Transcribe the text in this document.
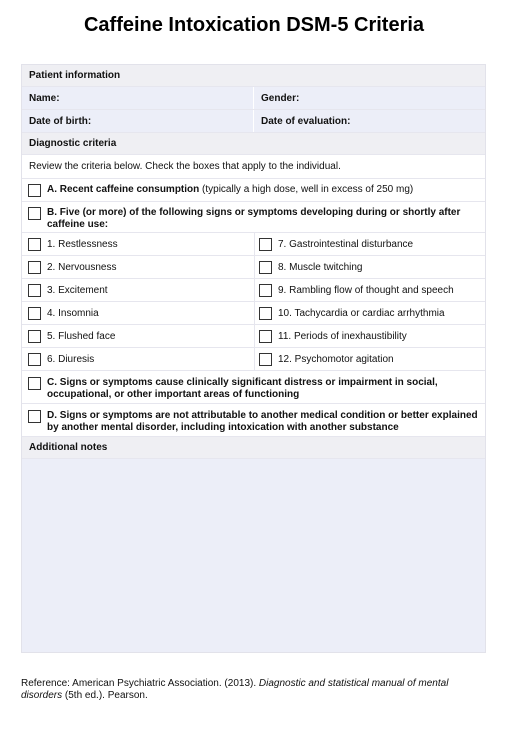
Caffeine Intoxication DSM-5 Criteria
Patient information
Name:	Gender:
Date of birth:	Date of evaluation:
Diagnostic criteria
Review the criteria below. Check the boxes that apply to the individual.
A. Recent caffeine consumption (typically a high dose, well in excess of 250 mg)
B. Five (or more) of the following signs or symptoms developing during or shortly after caffeine use:
1. Restlessness	7. Gastrointestinal disturbance
2. Nervousness	8. Muscle twitching
3. Excitement	9. Rambling flow of thought and speech
4. Insomnia	10. Tachycardia or cardiac arrhythmia
5. Flushed face	11. Periods of inexhaustibility
6. Diuresis	12. Psychomotor agitation
C. Signs or symptoms cause clinically significant distress or impairment in social, occupational, or other important areas of functioning
D. Signs or symptoms are not attributable to another medical condition or better explained by another mental disorder, including intoxication with another substance
Additional notes
Reference: American Psychiatric Association. (2013). Diagnostic and statistical manual of mental disorders (5th ed.). Pearson.
